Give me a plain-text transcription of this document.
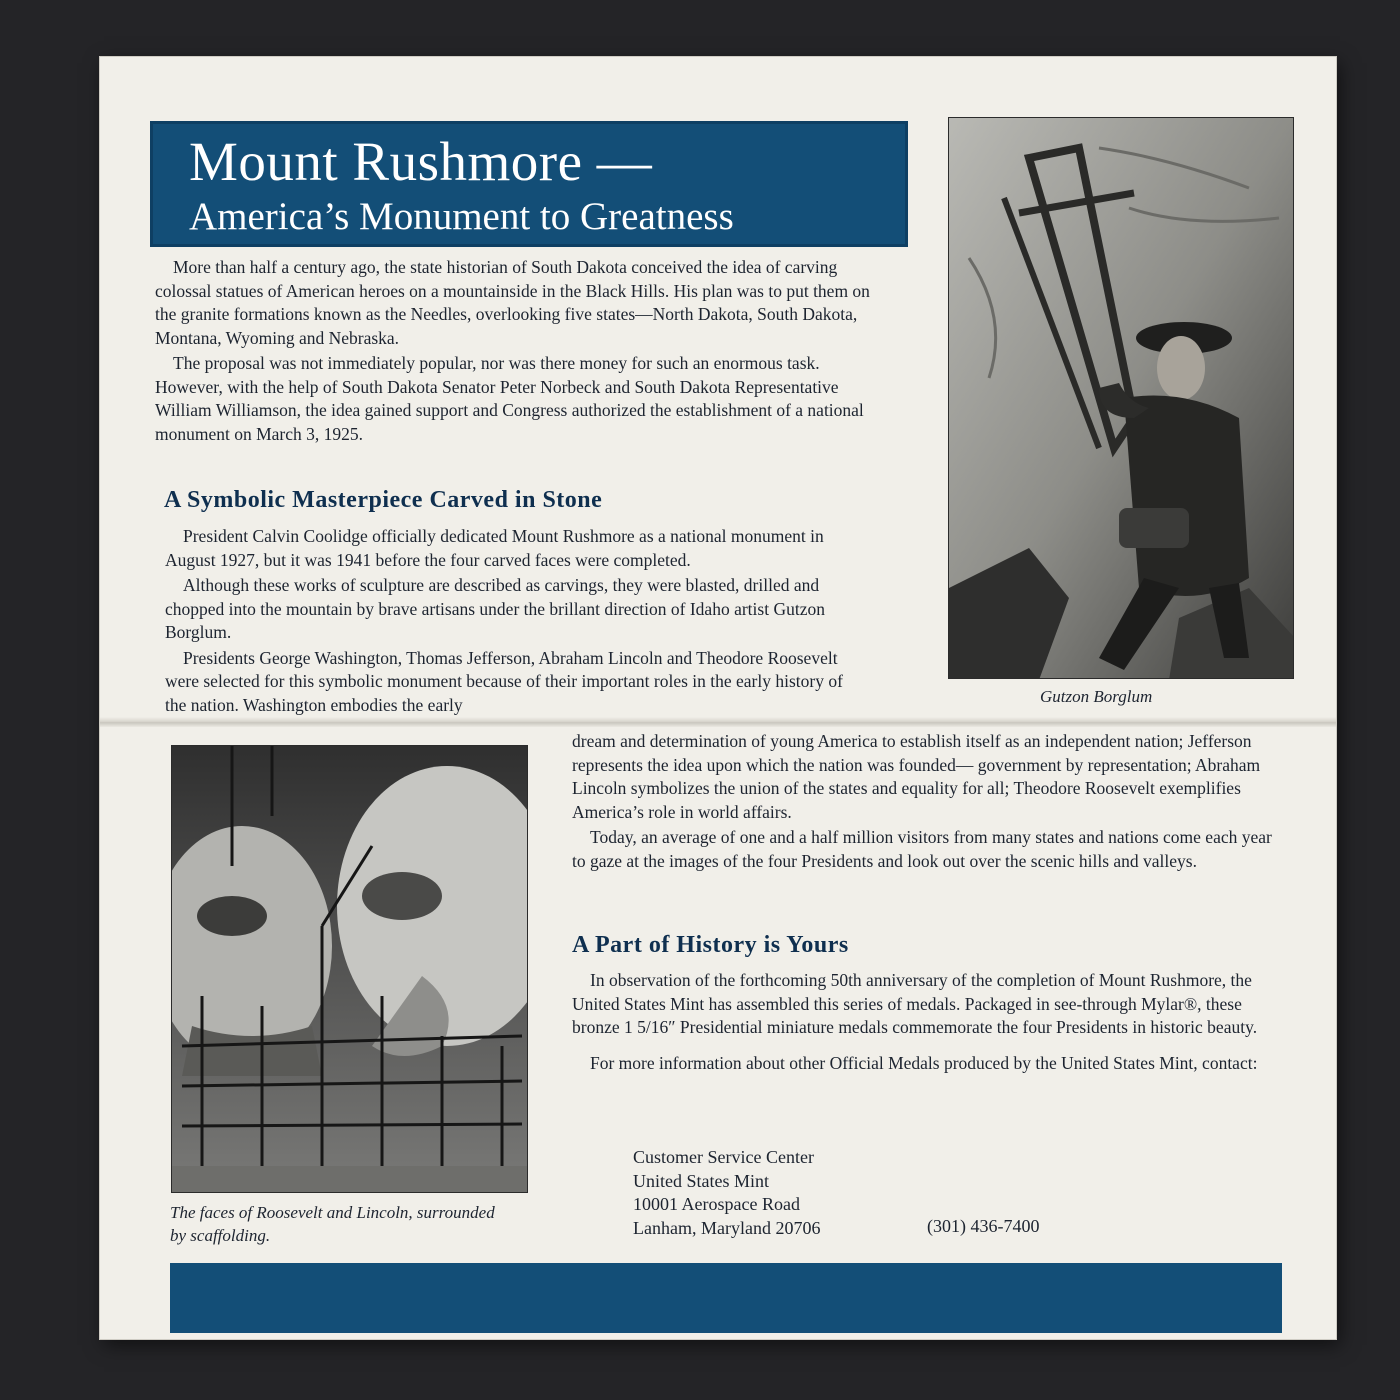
Mount Rushmore —
America’s Monument to Greatness

More than half a century ago, the state historian of South Dakota conceived the idea of carving colossal statues of American heroes on a mountainside in the Black Hills. His plan was to put them on the granite formations known as the Needles, overlooking five states—North Dakota, South Dakota, Montana, Wyoming and Nebraska.

The proposal was not immediately popular, nor was there money for such an enormous task. However, with the help of South Dakota Senator Peter Norbeck and South Dakota Representative William Williamson, the idea gained support and Congress authorized the establishment of a national monument on March 3, 1925.

A Symbolic Masterpiece Carved in Stone

President Calvin Coolidge officially dedicated Mount Rushmore as a national monument in August 1927, but it was 1941 before the four carved faces were completed.

Although these works of sculpture are described as carvings, they were blasted, drilled and chopped into the mountain by brave artisans under the brillant direction of Idaho artist Gutzon Borglum.

Presidents George Washington, Thomas Jefferson, Abraham Lincoln and Theodore Roosevelt were selected for this symbolic monument because of their important roles in the early history of the nation. Washington embodies the early	Gutzon Borglum
The faces of Roosevelt and Lincoln, surrounded by scaffolding.

dream and determination of young America to establish itself as an independent nation; Jefferson represents the idea upon which the nation was founded— government by representation; Abraham Lincoln symbolizes the union of the states and equality for all; Theodore Roosevelt exemplifies America’s role in world affairs.

Today, an average of one and a half million visitors from many states and nations come each year to gaze at the images of the four Presidents and look out over the scenic hills and valleys.

A Part of History is Yours

In observation of the forthcoming 50th anniversary of the completion of Mount Rushmore, the United States Mint has assembled this series of medals. Packaged in see-through Mylar®, these bronze 1 5/16″ Presidential miniature medals commemorate the four Presidents in historic beauty.

For more information about other Official Medals produced by the United States Mint, contact:

Customer Service Center
United States Mint
10001 Aerospace Road
Lanham, Maryland 20706	(301) 436-7400
